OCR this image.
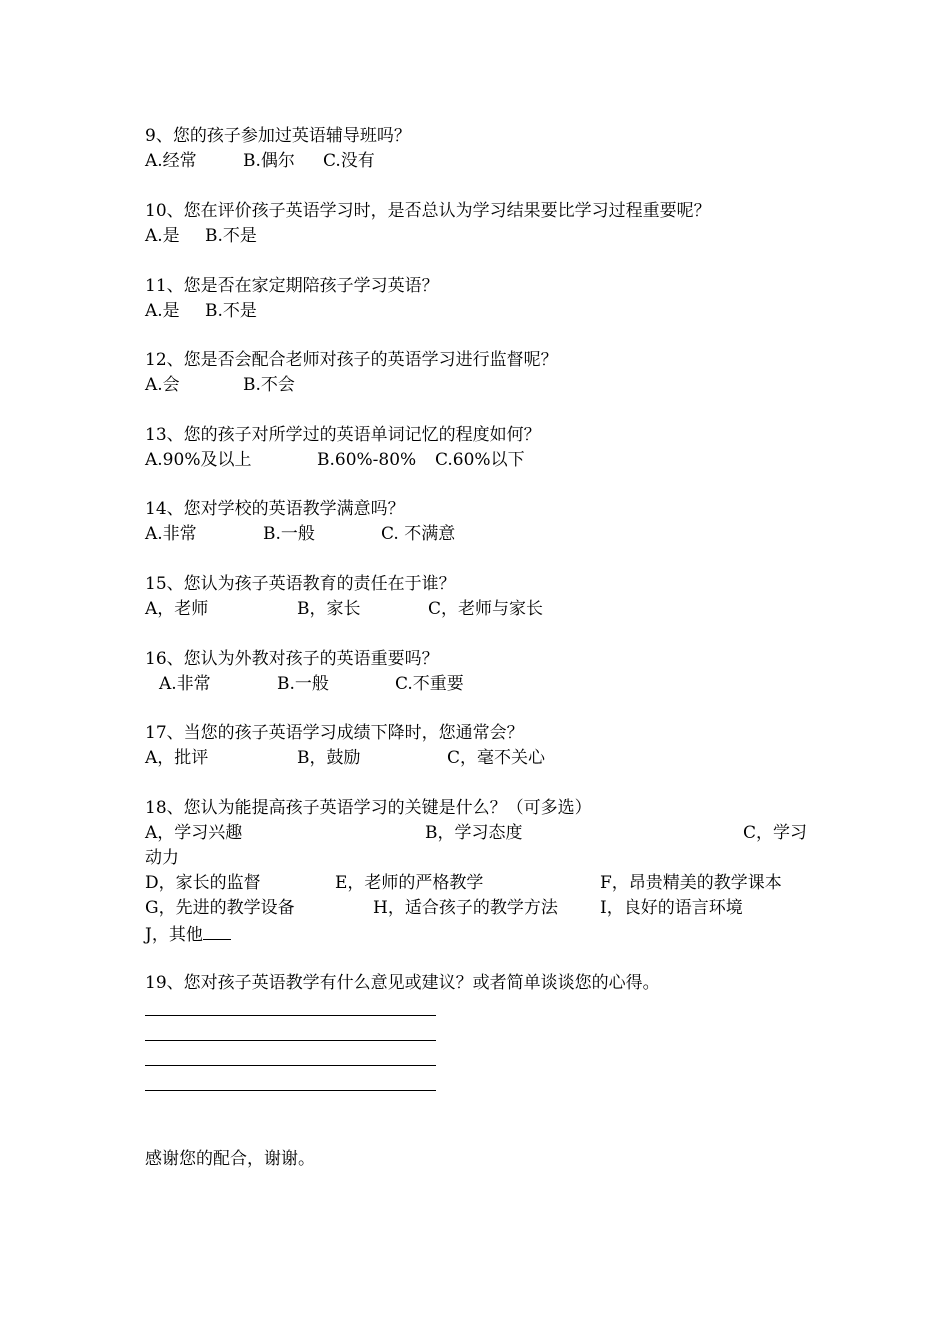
9、您的孩子参加过英语辅导班吗？
A.经常	B.偶尔 C.没有
10、您在评价孩子英语学习时，是否总认为学习结果要比学习过程重要呢？
A.是 B.不是
11、您是否在家定期陪孩子学习英语？
A.是 B.不是
12、您是否会配合老师对孩子的英语学习进行监督呢？
A.会	B.不会
13、您的孩子对所学过的英语单词记忆的程度如何？
A.90%及以上	B.60%-80% C.60%以下
14、您对学校的英语教学满意吗？
A.非常	B.一般	C. 不满意
15、您认为孩子英语教育的责任在于谁？
A，老师	B，家长	C，老师与家长
16、您认为外教对孩子的英语重要吗？
A.非常	B.一般	C.不重要
17、当您的孩子英语学习成绩下降时，您通常会？
A，批评	B，鼓励	C，毫不关心
18、您认为能提高孩子英语学习的关键是什么？（可多选）
A，学习兴趣	B，学习态度	C，学习
动力
D，家长的监督	E，老师的严格教学	F，昂贵精美的教学课本
G，先进的教学设备	H，适合孩子的教学方法 I，良好的语言环境
J，其他
19、您对孩子英语教学有什么意见或建议？或者简单谈谈您的心得。
感谢您的配合，谢谢。
